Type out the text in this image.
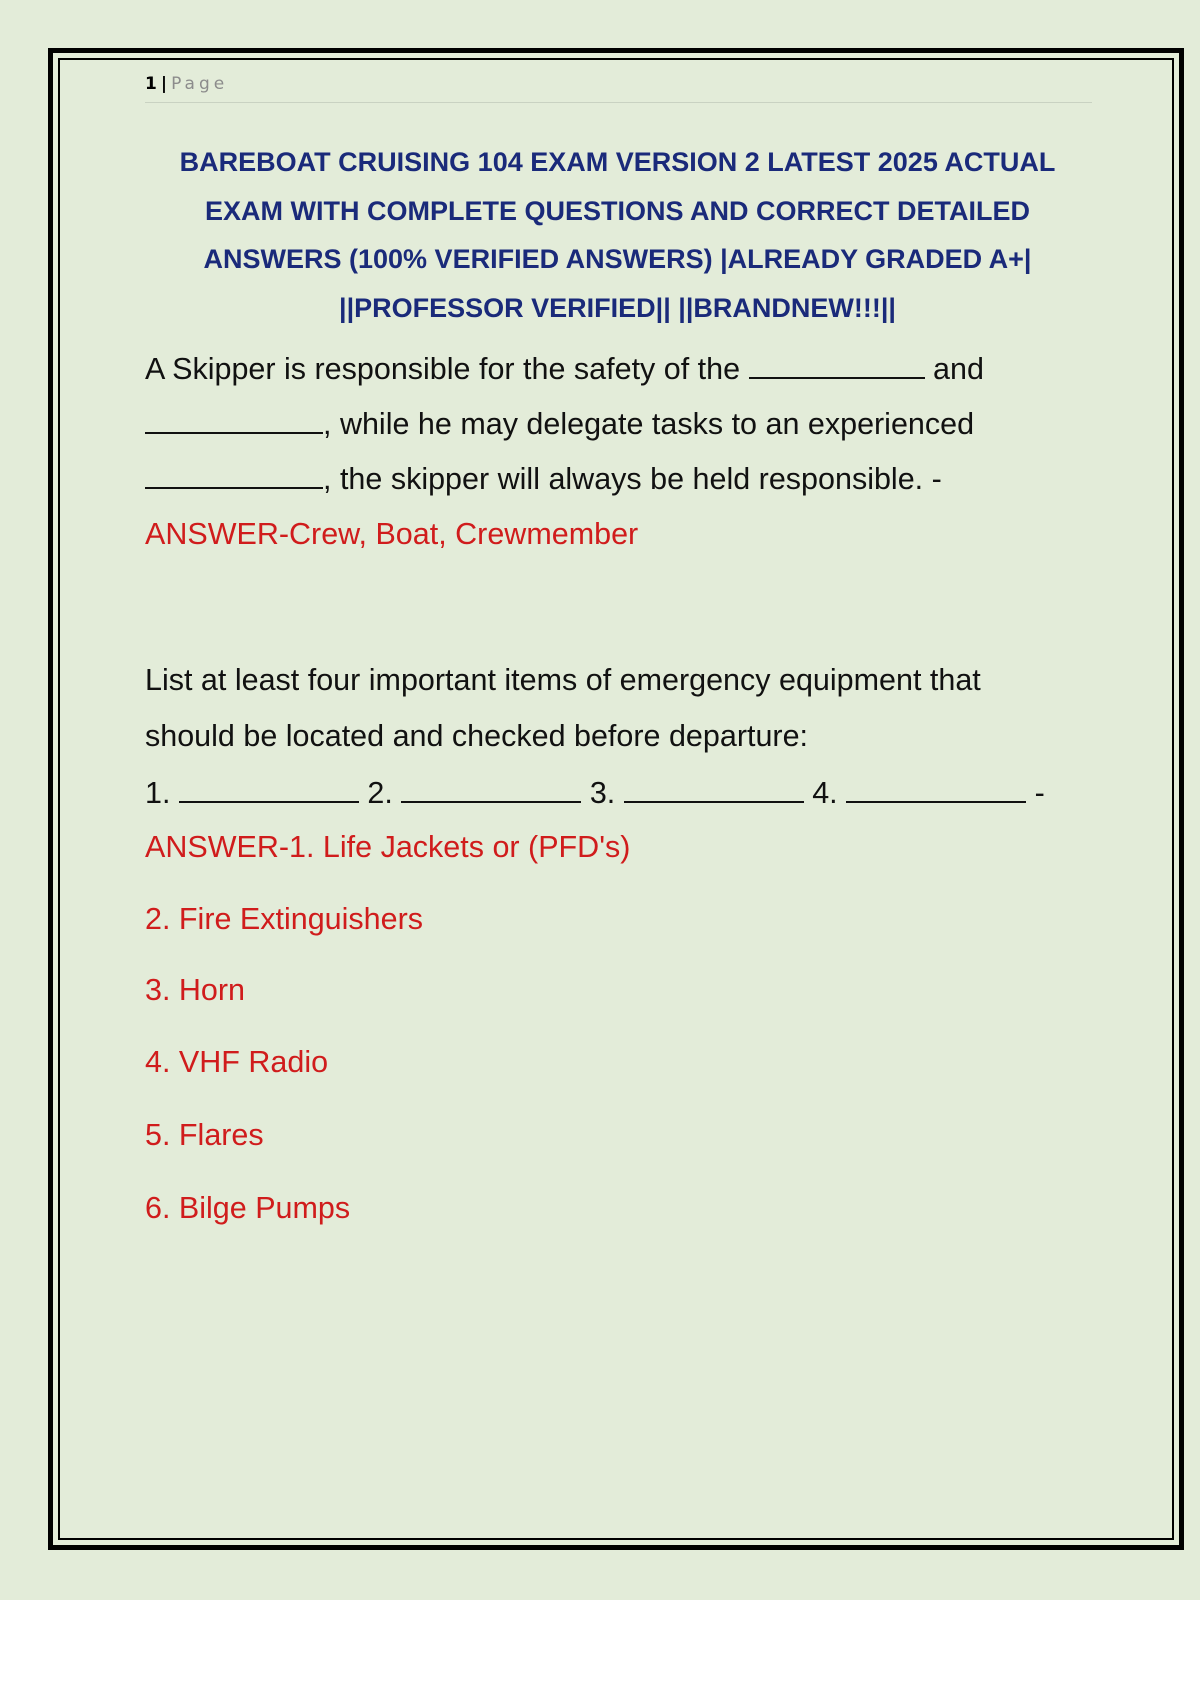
1 | Page
BAREBOAT CRUISING 104 EXAM VERSION 2 LATEST 2025 ACTUAL
EXAM WITH COMPLETE QUESTIONS AND CORRECT DETAILED
ANSWERS (100% VERIFIED ANSWERS) |ALREADY GRADED A+|
||PROFESSOR VERIFIED|| ||BRANDNEW!!!||
A Skipper is responsible for the safety of the	and
, while he may delegate tasks to an experienced
, the skipper will always be held responsible. -
ANSWER-Crew, Boat, Crewmember
List at least four important items of emergency equipment that
should be located and checked before departure:
1.	2.	3.	4.	-
ANSWER-1. Life Jackets or (PFD's)
2. Fire Extinguishers
3. Horn
4. VHF Radio
5. Flares
6. Bilge Pumps
